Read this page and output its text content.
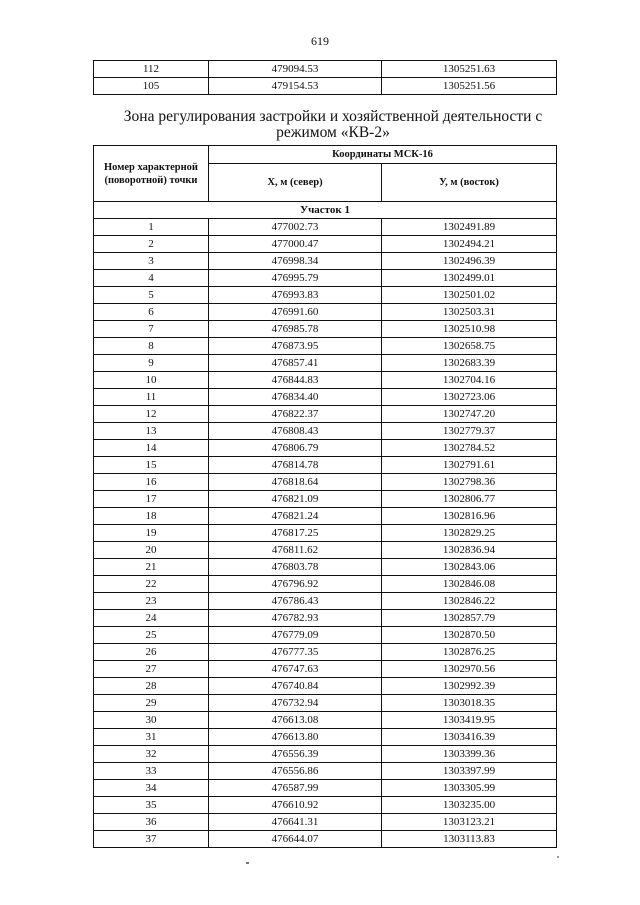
619
112	479094.53	1305251.63
105	479154.53	1305251.56
Зона регулирования застройки и хозяйственной деятельности с
режимом «КВ-2»
Номер характерной (поворотной) точки	Координаты МСК-16	
	X, м (север)	У, м (восток)
Участок 1		
1	477002.73	1302491.89
2	477000.47	1302494.21
3	476998.34	1302496.39
4	476995.79	1302499.01
5	476993.83	1302501.02
6	476991.60	1302503.31
7	476985.78	1302510.98
8	476873.95	1302658.75
9	476857.41	1302683.39
10	476844.83	1302704.16
11	476834.40	1302723.06
12	476822.37	1302747.20
13	476808.43	1302779.37
14	476806.79	1302784.52
15	476814.78	1302791.61
16	476818.64	1302798.36
17	476821.09	1302806.77
18	476821.24	1302816.96
19	476817.25	1302829.25
20	476811.62	1302836.94
21	476803.78	1302843.06
22	476796.92	1302846.08
23	476786.43	1302846.22
24	476782.93	1302857.79
25	476779.09	1302870.50
26	476777.35	1302876.25
27	476747.63	1302970.56
28	476740.84	1302992.39
29	476732.94	1303018.35
30	476613.08	1303419.95
31	476613.80	1303416.39
32	476556.39	1303399.36
33	476556.86	1303397.99
34	476587.99	1303305.99
35	476610.92	1303235.00
36	476641.31	1303123.21
37	476644.07	1303113.83
